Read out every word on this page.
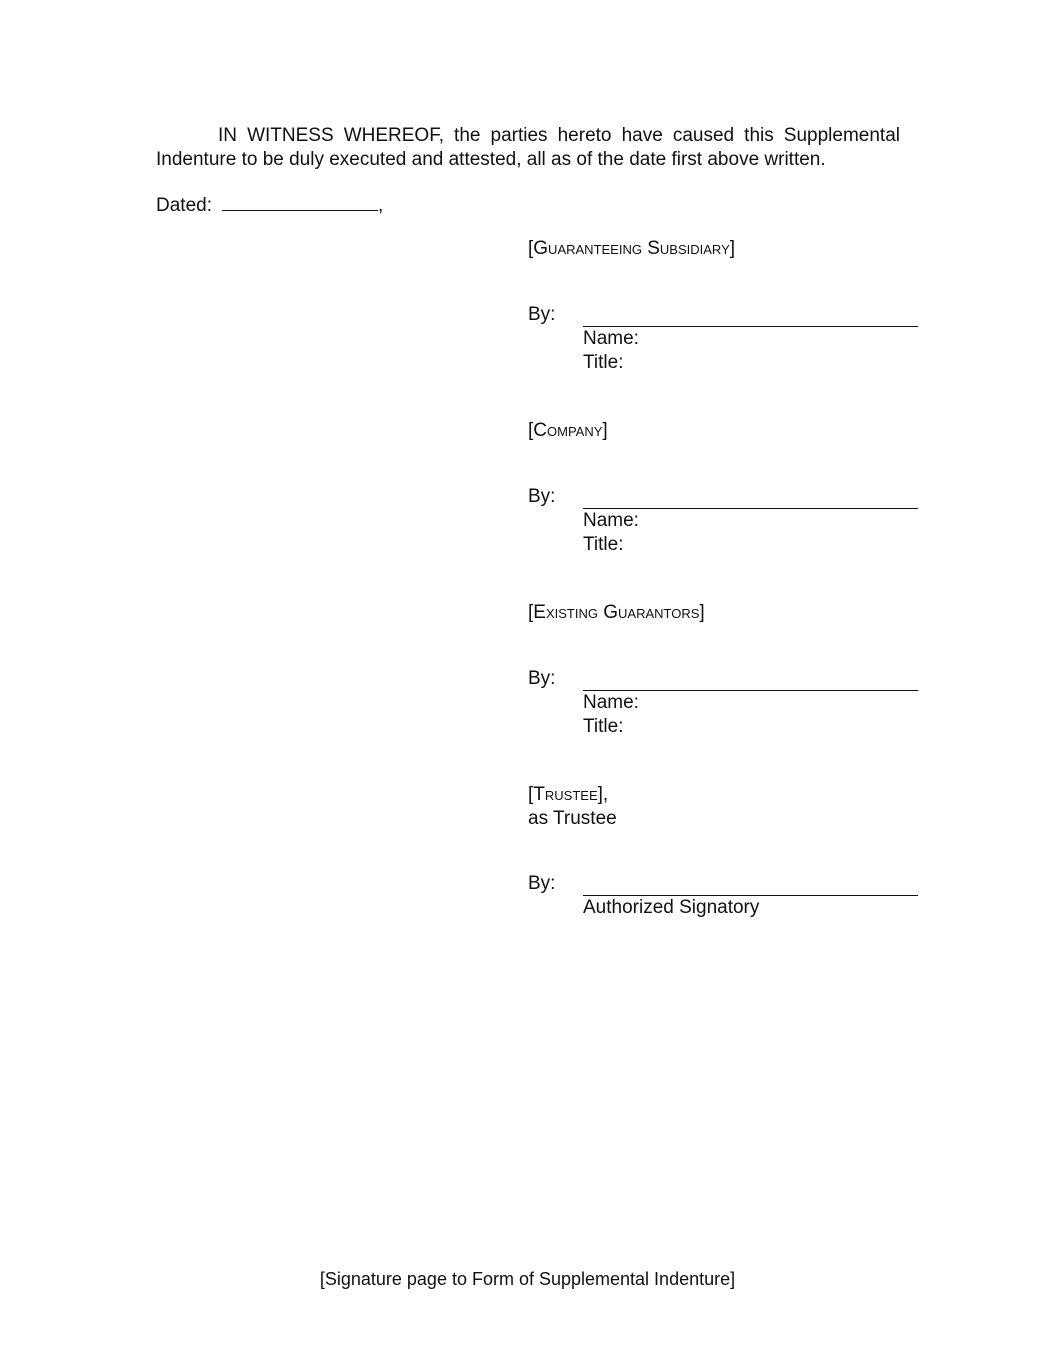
IN WITNESS WHEREOF, the parties hereto have caused this Supplemental Indenture to be duly executed and attested, all as of the date first above written.
Dated:	,
[Guaranteeing Subsidiary]
By:
Name:
Title:
[Company]
By:
Name:
Title:
[Existing Guarantors]
By:
Name:
Title:
[Trustee],
as Trustee
By:
Authorized Signatory
[Signature page to Form of Supplemental Indenture]
